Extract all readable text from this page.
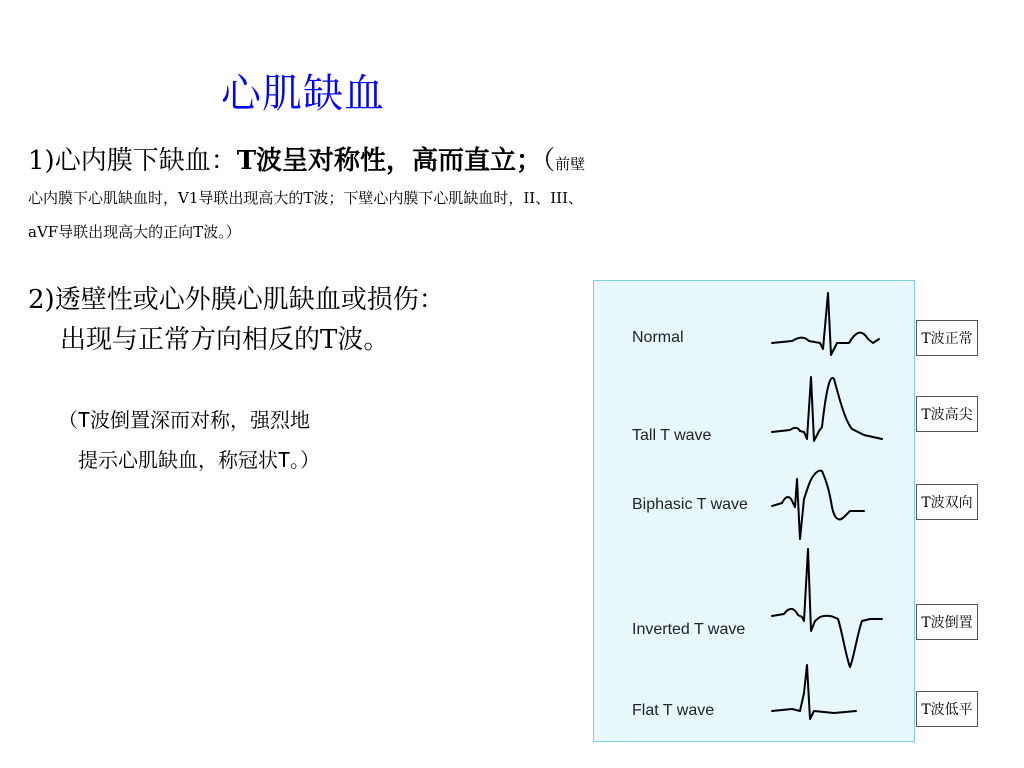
心肌缺血
1)心内膜下缺血：T波呈对称性，高而直立；（前壁心内膜下心肌缺血时，V1导联出现高大的T波；下壁心内膜下心肌缺血时，II、III、aVF导联出现高大的正向T波。）
2)透壁性或心外膜心肌缺血或损伤：
出现与正常方向相反的T波。
（T波倒置深而对称，强烈地
提示心肌缺血，称冠状T。）
Normal
Tall T wave
Biphasic T wave
Inverted T wave
Flat T wave
T波正常
T波高尖
T波双向
T波倒置
T波低平
